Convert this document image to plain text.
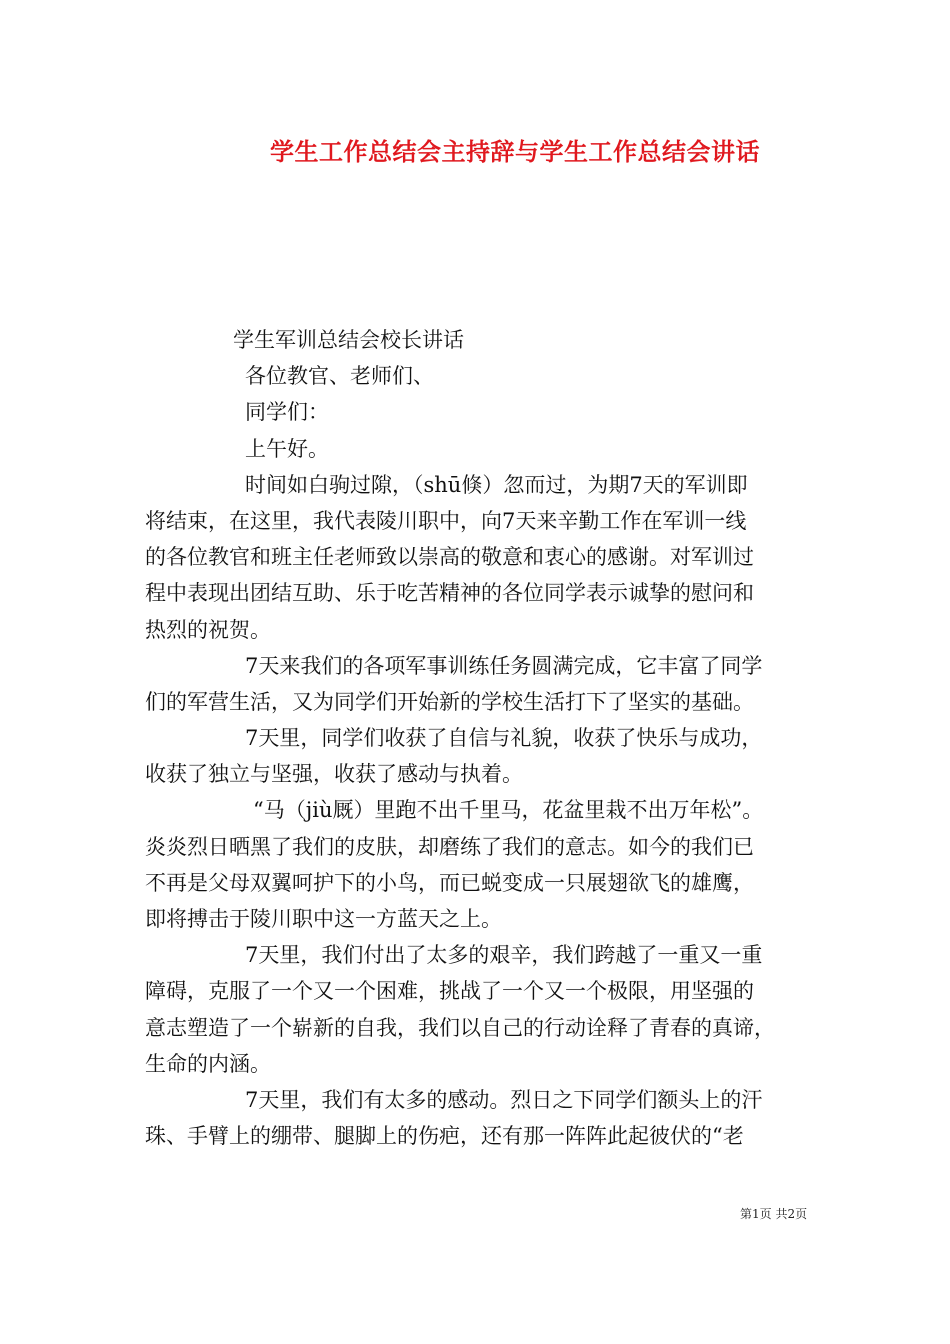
学生工作总结会主持辞与学生工作总结会讲话
学生军训总结会校长讲话
各位教官、老师们、
同学们：
上午好。
时间如白驹过隙，（shū倏）忽而过，为期7天的军训即
将结束，在这里，我代表陵川职中，向7天来辛勤工作在军训一线
的各位教官和班主任老师致以崇高的敬意和衷心的感谢。对军训过
程中表现出团结互助、乐于吃苦精神的各位同学表示诚挚的慰问和
热烈的祝贺。
7天来我们的各项军事训练任务圆满完成，它丰富了同学
们的军营生活，又为同学们开始新的学校生活打下了坚实的基础。
7天里，同学们收获了自信与礼貌，收获了快乐与成功，
收获了独立与坚强，收获了感动与执着。
“马（jiù厩）里跑不出千里马，花盆里栽不出万年松”。
炎炎烈日晒黑了我们的皮肤，却磨练了我们的意志。如今的我们已
不再是父母双翼呵护下的小鸟，而已蜕变成一只展翅欲飞的雄鹰，
即将搏击于陵川职中这一方蓝天之上。
7天里，我们付出了太多的艰辛，我们跨越了一重又一重
障碍，克服了一个又一个困难，挑战了一个又一个极限，用坚强的
意志塑造了一个崭新的自我，我们以自己的行动诠释了青春的真谛，
生命的内涵。
7天里，我们有太多的感动。烈日之下同学们额头上的汗
珠、手臂上的绷带、腿脚上的伤疤，还有那一阵阵此起彼伏的“老
第1页 共2页
